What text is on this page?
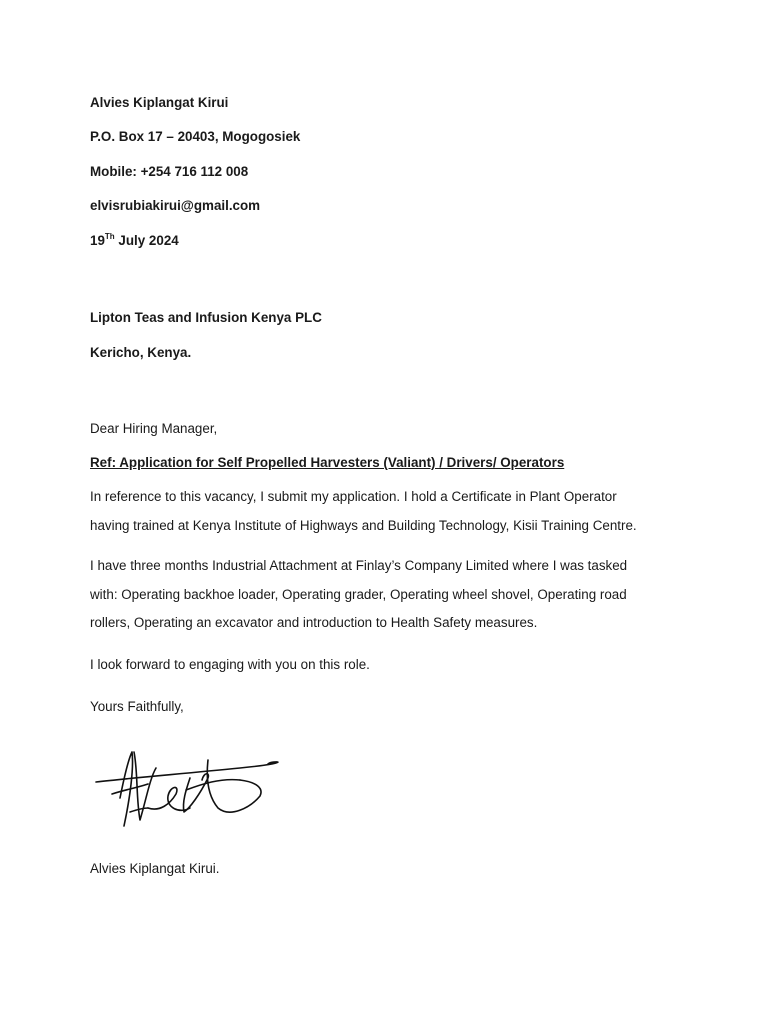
Alvies Kiplangat Kirui
P.O. Box 17 – 20403, Mogogosiek
Mobile: +254 716 112 008
elvisrubiakirui@gmail.com
19Th July 2024
Lipton Teas and Infusion Kenya PLC
Kericho, Kenya.
Dear Hiring Manager,
Ref: Application for Self Propelled Harvesters (Valiant) / Drivers/ Operators
In reference to this vacancy, I submit my application. I hold a Certificate in Plant Operator
having trained at Kenya Institute of Highways and Building Technology, Kisii Training Centre.
I have three months Industrial Attachment at Finlay’s Company Limited where I was tasked
with: Operating backhoe loader, Operating grader, Operating wheel shovel, Operating road
rollers, Operating an excavator and introduction to Health Safety measures.
I look forward to engaging with you on this role.
Yours Faithfully,
Alvies Kiplangat Kirui.
